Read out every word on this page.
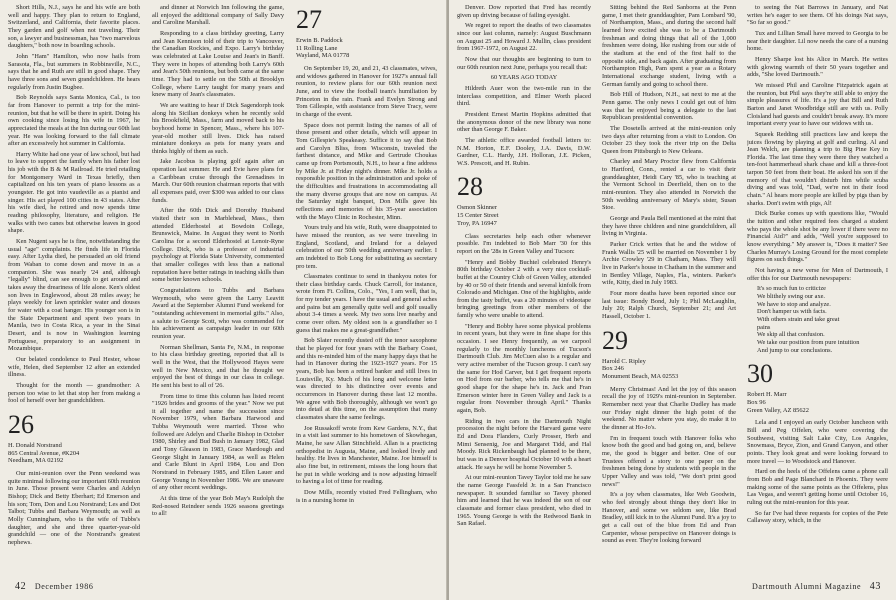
Short Hills, N.J., says he and his wife are both well and happy. They plan to return to England, Switzerland, and California, their favorite places. They garden and golf when not traveling. Their son, a lawyer and businessman, has "two marvelous daughters," both now in boarding schools.

John "Ham" Hamilton, who now hails from Sarasota, Fla., but summers in Robbinsville, N.C., says that he and Ruth are still in good shape. They have three sons and seven grandchildren. He hears regularly from Justin Bugbee.

Bob Reynolds says Santa Monica, Cal., is too far from Hanover to permit a trip for the mini-reunion, but that he will be there in spirit. Doing his own cooking since losing his wife in 1967, he appreciated the meals at the Inn during our 60th last year. He was looking forward to the fall climate after an excessively hot summer in California.

Harry White had one year of law school, but had to leave to support the family when his father lost his job with the B & M Railroad. He tried retailing for Montgomery Ward in Texas briefly, then capitalized on his ten years of piano lessons as a youngster. He got into vaudeville as a pianist and singer. His act played 100 cities in 43 states. After his wife died, he retired and now spends time reading philosophy, literature, and religion. He walks with two canes but otherwise leaves in good shape.

Ken Nugent says he is fine, notwithstanding the usual "age" complaints. He finds life in Florida easy. After Lydia died, he persuaded an old friend from Waban to come down and move in as a companion. She was nearly '24 and, although "legally" blind, can see enough to get around and takes away the dreariness of life alone. Ken's oldest son lives in Englewood, about 28 miles away; he plays weekly for lawn sprinkler water and douses for water with a coat hanger. His younger son is in the State Department and spent two years in Manila, two in Costa Rica, a year in the Sinai Desert, and is now in Washington learning Portuguese, preparatory to an assignment in Mozambique.

Our belated condolence to Paul Hester, whose wife, Helen, died September 12 after an extended illness.

Thought for the month — grandmother: A person too wise to let that stop her from making a fool of herself over her grandchildren.

26
H. Donald Norstrand
865 Central Avenue, #K204
Needham, MA 02192

Our mini-reunion over the Penn weekend was quite minimal following our important 60th reunion in June. Those present were Charles and Adelyn Bishop; Dick and Betty Eberhart; Ed Emerson and his son; Tom, Don and Lou Norstrand; Les and Dot Talbot; Tubbs and Barbara Weymouth; as well as Molly Cunningham, who is the wife of Tubbs's daughter, and she and three quarter-year-old grandchild — one of the Norstrand's greatest nephews.

and dinner at Norwich Inn following the game, all enjoyed the additional company of Sally Davy and Caroline Marshall.

Responding to a class birthday greeting, Larry and Jean Kennison told of their trip to Vancouver, the Canadian Rockies, and Expo. Larry's birthday was celebrated at Lake Louise and Jean's in Banff. They were in hopes of attending both Larry's 60th and Jean's 50th reunions, but both came at the same time. They had to settle on the 50th at Brooklyn College, where Larry taught for many years and knew many of Jean's classmates.

We are waiting to hear if Dick Sagendorph took along his Sicilian donkeys when he recently sold his Brookfield, Mass., farm and moved back to his boyhood home in Spencer, Mass., where his 107-year-old mother still lives. Dick has raised miniature donkeys as pets for many years and thinks highly of them as such.

Jake Jacobus is playing golf again after an operation last summer. He and Evie have plans for a Caribbean cruise through the Grenadines in March. Our 60th reunion chairman reports that with all expenses paid, over $300 was added to our class funds.

After the 60th Dick and Dorothy Husband visited their son in Marblehead, Mass., then attended Elderhostel at Bowdoin College, Brunswick, Maine. In August they went to North Carolina for a second Elderhostel at Lenoir-Ryne College. Dick, who is a professor of industrial psychology at Florida State University, commented that smaller colleges with less than a national reputation have better ratings in teaching skills than some better known schools.

Congratulations to Tubbs and Barbara Weymouth, who were given the Larry Leavitt Award at the September Alumni Fund weekend for "outstanding achievement in memorial gifts." Also, a salute to George Scott, who was commended for his achievement as campaign leader in our 60th reunion year.

Norman Shellman, Santa Fe, N.M., in response to his class birthday greeting, reported that all is well in the West, that the Hollywood Hayes were well in New Mexico, and that he thought we enjoyed the best of things in our class in college. He sent his best to all of '26.

From time to time this column has listed recent "1926 brides and grooms of the year." Now we put it all together and name the succession since November 1979, when Barbara Harwood and Tubba Weymouth were married. Those who followed are Adelyn and Charlie Bishop in October 1980, Shirley and Bud Bush in January 1982, Glad and Tony Gleason in 1983, Grace Mardough and George Slight in January 1984, as well as Helen and Carle Blunt in April 1984, Lou and Don Norstrand in February 1985, and Ellen Lauer and George Young in November 1986. We are unaware of any other recent weddings.

At this time of the year Bob May's Rudolph the Red-nosed Reindeer sends 1926 seasons greetings to all!

27
Erwin B. Paddock
11 Rolling Lane
Wayland, MA 01778

On September 19, 20, and 21, 43 classmates, wives, and widows gathered in Hanover for 1927's annual fall reunion, to review plans for our 60th reunion next June, and to view the football team's humiliation by Princeton in the rain. Frank and Evelyn Strong and Tom Gillespie, with assistance from Steve Tracy, were in charge of the event.

Space does not permit listing the names of all of those present and other details, which will appear in Tom Gillespie's Speakeasy. Suffice it to say that Bob and Carolyn Bliss, from Wisconsin, traveled the farthest distance, and Mike and Gertrude Choukas came up from Portsmouth, N.H., to hear a fine address by Mike Jr. at Friday night's dinner. Mike Jr. holds a responsible position in the administration and spoke of the difficulties and frustrations in accommodating all the many diverse groups that are now on campus. At the Saturday night banquet, Don Mills gave his reflections and memories of his 35-year association with the Mayo Clinic in Rochester, Minn.

Yours truly and his wife, Ruth, were disappointed to have missed the reunion, as we were traveling in England, Scotland, and Ireland for a delayed celebration of our 50th wedding anniversary earlier. I am indebted to Bob Long for substituting as secretary pro tem.

Classmates continue to send in thankyou notes for their class birthday cards. Chuck Carroll, for instance, wrote from Ft. Collins, Colo., "Yes, I am well, that is, for my tender years. I have the usual and general aches and pains but am generally quite well and golf usually about 3-4 times a week. My two sons live nearby and come over often. My oldest son is a grandfather so I guess that makes me a great-grandfather."

Bob Slater recently dusted off the tenor saxophone that he played for four years with the Barbary Coast, and this re-minded him of the many happy days that he had in Hanover during the 1923-1927 years. For 15 years, Bob has been a retired banker and still lives in Louisville, Ky. Much of his long and welcome letter was directed to his distinctive over events and occurrences in Hanover during these last 12 months. We agree with Bob thoroughly, although we won't go into detail at this time, on the assumption that many classmates share the same feelings.

Joe Russakoff wrote from Kew Gardens, N.Y., that in a visit last summer to his hometown of Skowhegan, Maine, he saw Allan Stinchfield. Allan is a practicing orthopedist in Augusta, Maine, and looked lively and healthy. He lives in Manchester, Maine. Joe himself is also fine but, in retirement, misses the long hours that he put in while working and is now adjusting himself to having a lot of time for reading.

Dow Mills, recently visited Fred Fellingham, who is in a nursing home in

42 December 1986

Denver. Dow reported that Fred has recently given up driving because of failing eyesight.

We regret to report the deaths of two classmates since our last column, namely: August Buschmann on August 25 and Howard J. Mullin, class president from 1967-1972, on August 22.

Now that our thoughts are beginning to turn to our 60th reunion next June, perhaps you recall that:

60 YEARS AGO TODAY

Hildreth Auer won the two-mile run in the interclass competition, and Elmer Worth placed third.

President Ernest Martin Hopkins admitted that the anonymous donor of the new library was none other than George F. Baker.

The athletic office awarded football letters to: N.M. Horton, E.F. Dooley, J.A. Davis, D.W. Gardner, C.L. Hardy, J.H. Holloran, J.E. Picken, W.S. Prescott, and H. Rubin.

28
Osmon Skinner
15 Center Street
Troy, PA 16947

Class secretaries help each other whenever possible. I'm indebted to Bob Marr '30 for this report on the '28s in Green Valley and Tucson:

"Henry and Bobby Buchtel celebrated Henry's 80th birthday October 2 with a very nice cocktail-buffet at the Country Club of Green Valley, attended by 40 or 50 of their friends and several kinfolk from Colorado and Michigan. One of the highlights, aside from the tasty buffet, was a 20 minutes of videotape bringing greetings from other members of the family who were unable to attend.

"Henry and Bobby have some physical problems in recent years, but they were in fine shape for this occasion. I see Henry frequently, as we carpool regularly to the monthly luncheons of Tucson's Dartmouth Club. Jim McCuen also is a regular and very active member of the Tucson group. I can't say the same for Hod Carver, but I get frequent reports on Hod from our barber, who tells me that he's in good shape for the shape he's in. Jack and Fran Emerson winter here in Green Valley and Jack is a regular from November through April." Thanks again, Bob.

Riding in two cars in the Dartmouth Night procession the night before the Harvard game were Ed and Dora Flanders, Curly Prosser, Herb and Mimi Sensenig, Joe and Margaret Tidd, and Hal Moody. Rick Rickenbaugh had planned to be there, but was in a Denver hospital October 10 with a heart attack. He says he will be home November 5.

At our mini-reunion Tavey Taylor told me he saw the name George Fassfeld Jr. in a San Francisco newspaper. It sounded familiar so Tavey phoned him and learned that he was indeed the son of our classmate and former class president, who died in 1965. Young George is with the Redwood Bank in San Rafael.

Sitting behind the Red Sanborns at the Penn game, I met their granddaughter, Pam Lombard '90, of Northampton, Mass., and during the second half learned how excited she was to be a Dartmouth freshman and doing things that all of the 1,000 freshmen were doing, like rushing from our side of the stadium at the end of the first half to the opposite side, and back again. After graduating from Northampton High, Pam spent a year as a Rotary International exchange student, living with a German family and going to school there.

Bob Hill of Hudson, N.H., sat next to me at the Penn game. The only news I could get out of him was that he enjoyed being a delegate to the last Republican presidential convention.

The Dosetells arrived at the mini-reunion only two days after returning from a visit to London. On October 23 they took the river trip on the Delta Queen from Pittsburgh to New Orleans.

Charley and Mary Proctor flew from California to Hartford, Conn., rented a car to visit their granddaughter, Heidi Cary '85, who is teaching at the Vermont School in Deerfield, then on to the mini-reunion. They also attended in Norwich the 50th wedding anniversary of Mary's sister, Susan Stoe.

George and Paula Bell mentioned at the mini that they have three children and nine grandchildren, all living in Virginia.

Parker Crick writes that he and the widow of Frank Wallis '25 will be married on November 1 by Archie Crowley '29 in Chatham, Mass. They will live in Parker's house in Chatham in the summer and in Bentley Village, Naples, Fla., winters. Parker's wife, Kitty, died in July 1983.

Four more deaths have been reported since our last issue: Bondy Bond, July 1; Phil McLaughlin, July 20; Ralph Church, September 21; and Art Hassell, October 1.

29
Harold C. Ripley
Box 246
Monument Beach, MA 02553

Merry Christmas! And let the joy of this season recall the joy of 1929's mini-reunion in September. Remember next year that Charlie Dudley has made our Friday night dinner the high point of the weekend. No matter where you stay, do make it to the dinner at Ho-Jo's.

I'm in frequent touch with Hanover folks who know both the good and bad going on, and, believe me, the good is bigger and better. One of our Trustees offered a story to one paper on the freshmen being done by students with people in the Upper Valley and was told, "We don't print good news!"

It's a joy when classmates, like Web Goodwin, who feel strongly about things they don't like in Hanover, and some we seldom see, like Brad Bradley, still kick in to the Alumni Fund. It's a joy to get a call out of the blue from Ed and Fran Carpenter, whose perspective on Hanover doings is sound as ever. They're looking forward

to seeing the Nat Barrows in January, and Nat writes he's eager to see them. Of his doings Nat says, "So far so good."

Tux and Lillian Small have moved to Georgia to be near their daughter. Lil now needs the care of a nursing home.

Henry Sharpe lost his Alice in March. He writes with glowing warmth of their 50 years together and adds, "She loved Dartmouth."

We missed Phil and Caroline Fitzpatrick again at the reunion, but Phil says they're still able to enjoy the simple pleasures of life. It's a joy that Bill and Ruth Barton and Janet Woodbridge still are with us. Polly Cloisland had guests and couldn't break away. It's more important every year to have our widows with us.

Squeek Redding still practices law and keeps the juices flowing by playing at golf and curling. Al and Jean Welch, are planning a trip to Big Pine Key in Florida. The last time they were there they watched a ten-foot hammerhead shark chase and kill a three-foot tarpon 50 feet from their boat. He asked his son if the memory of that wouldn't disturb him while scuba diving and was told, "Dad, we're not in their food chain." Al hears more people are killed by pigs than by sharks. Don't swim with pigs, Al!

Dick Burke comes up with questions like, "Would the tuition and other required fees charged a student who pays the whole shot be any lower if there were no Financial Aid?" and adds, "Well you're supposed to know everything." My answer is, "Does it matter? See Charles Murray's Losing Ground for the most complete figures on such things."

Not having a new verse for Men of Dartmouth, I offer this for our Dartmouth newspapers:

It's so much fun to criticize

We blithely swing our axe.

We have to stop and analyze.

Don't hamper us with facts.

With others strain and take great

pains

We skip all that confusion.

We take our position from pure intuition

And jump to our conclusions.

30
Robert H. Marr
Box 96
Green Valley, AZ 85622

Lela and I enjoyed an early October luncheon with Bill and Peg Offelen, who were covering the Southwest, visiting Salt Lake City, Los Angeles, Snowmass, Bryce, Zion, and Grand Canyon, and other points. They look great and were looking forward to more travel — to Woodstock and Hanover.

Hard on the heels of the Offelens came a phone call from Bob and Page Blanchard in Phoenix. They were making some of the same points as the Offelens, plus Las Vegas, and weren't getting home until October 16, ruling out the mini-reunion for this year.

So far I've had three requests for copies of the Pete Callaway story, which, in the

Dartmouth Alumni Magazine 43
